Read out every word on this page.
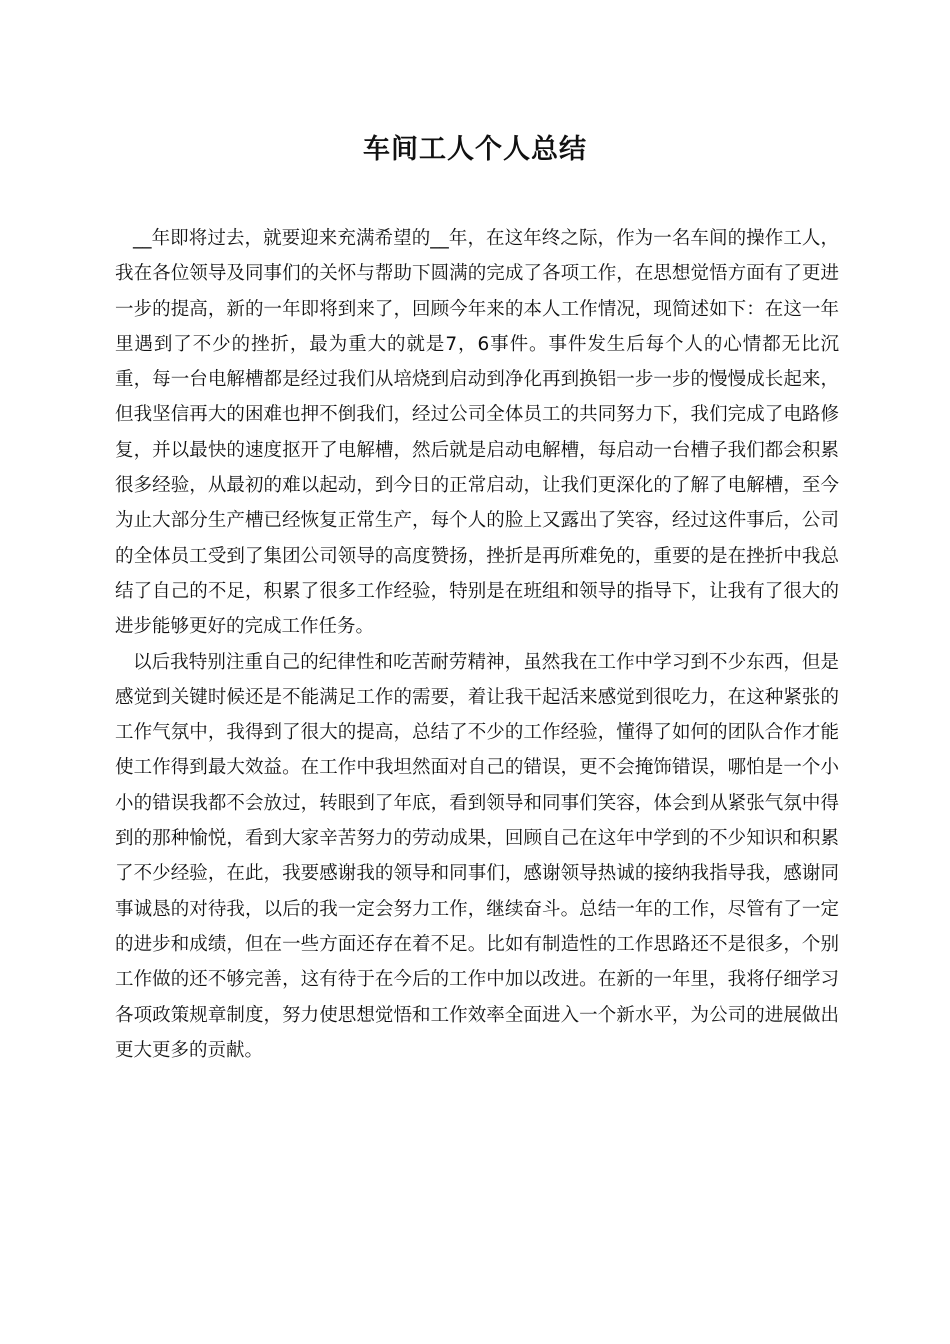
车间工人个人总结

__年即将过去，就要迎来充满希望的__年，在这年终之际，作为一名车间的操作工人，我在各位领导及同事们的关怀与帮助下圆满的完成了各项工作，在思想觉悟方面有了更进一步的提高，新的一年即将到来了，回顾今年来的本人工作情况，现简述如下：在这一年里遇到了不少的挫折，最为重大的就是7，6事件。事件发生后每个人的心情都无比沉重，每一台电解槽都是经过我们从培烧到启动到净化再到换铝一步一步的慢慢成长起来，但我坚信再大的困难也押不倒我们，经过公司全体员工的共同努力下，我们完成了电路修复，并以最快的速度抠开了电解槽，然后就是启动电解槽，每启动一台槽子我们都会积累很多经验，从最初的难以起动，到今日的正常启动，让我们更深化的了解了电解槽，至今为止大部分生产槽已经恢复正常生产，每个人的脸上又露出了笑容，经过这件事后，公司的全体员工受到了集团公司领导的高度赞扬，挫折是再所难免的，重要的是在挫折中我总结了自己的不足，积累了很多工作经验，特别是在班组和领导的指导下，让我有了很大的进步能够更好的完成工作任务。

以后我特别注重自己的纪律性和吃苦耐劳精神，虽然我在工作中学习到不少东西，但是感觉到关键时候还是不能满足工作的需要，着让我干起活来感觉到很吃力，在这种紧张的工作气氛中，我得到了很大的提高，总结了不少的工作经验，懂得了如何的团队合作才能使工作得到最大效益。在工作中我坦然面对自己的错误，更不会掩饰错误，哪怕是一个小小的错误我都不会放过，转眼到了年底，看到领导和同事们笑容，体会到从紧张气氛中得到的那种愉悦，看到大家辛苦努力的劳动成果，回顾自己在这年中学到的不少知识和积累了不少经验，在此，我要感谢我的领导和同事们，感谢领导热诚的接纳我指导我，感谢同事诚恳的对待我，以后的我一定会努力工作，继续奋斗。总结一年的工作，尽管有了一定的进步和成绩，但在一些方面还存在着不足。比如有制造性的工作思路还不是很多，个别工作做的还不够完善，这有待于在今后的工作中加以改进。在新的一年里，我将仔细学习各项政策规章制度，努力使思想觉悟和工作效率全面进入一个新水平，为公司的进展做出更大更多的贡献。
